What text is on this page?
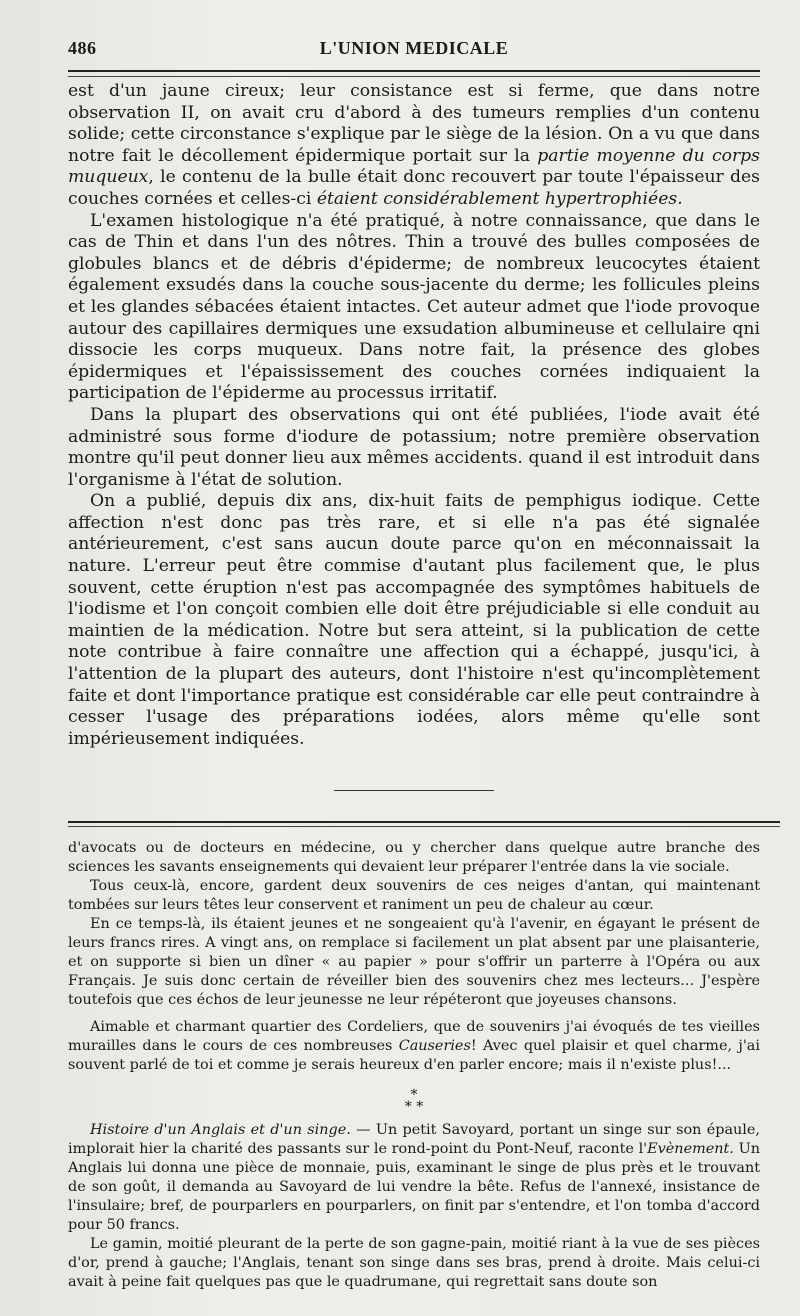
486	L'UNION MEDICALE

est d'un jaune cireux; leur consistance est si ferme, que dans notre observation II, on avait cru d'abord à des tumeurs remplies d'un contenu solide; cette circonstance s'explique par le siège de la lésion. On a vu que dans notre fait le décollement épidermique portait sur la partie moyenne du corps muqueux, le contenu de la bulle était donc recouvert par toute l'épaisseur des couches cornées et celles-ci étaient considérablement hypertrophiées.

L'examen histologique n'a été pratiqué, à notre connaissance, que dans le cas de Thin et dans l'un des nôtres. Thin a trouvé des bulles composées de globules blancs et de débris d'épiderme; de nombreux leucocytes étaient également exsudés dans la couche sous-jacente du derme; les follicules pleins et les glandes sébacées étaient intactes. Cet auteur admet que l'iode provoque autour des capillaires dermiques une exsudation albumineuse et cellulaire qni dissocie les corps muqueux. Dans notre fait, la présence des globes épidermiques et l'épaississement des couches cornées indiquaient la participation de l'épiderme au processus irritatif.

Dans la plupart des observations qui ont été publiées, l'iode avait été administré sous forme d'iodure de potassium; notre première observation montre qu'il peut donner lieu aux mêmes accidents. quand il est introduit dans l'organisme à l'état de solution.

On a publié, depuis dix ans, dix-huit faits de pemphigus iodique. Cette affection n'est donc pas très rare, et si elle n'a pas été signalée antérieurement, c'est sans aucun doute parce qu'on en méconnaissait la nature. L'erreur peut être commise d'autant plus facilement que, le plus souvent, cette éruption n'est pas accompagnée des symptômes habituels de l'iodisme et l'on conçoit combien elle doit être préjudiciable si elle conduit au maintien de la médication. Notre but sera atteint, si la publication de cette note contribue à faire connaître une affection qui a échappé, jusqu'ici, à l'attention de la plupart des auteurs, dont l'histoire n'est qu'incomplètement faite et dont l'importance pratique est considérable car elle peut contraindre à cesser l'usage des préparations iodées, alors même qu'elle sont impérieusement indiquées.

d'avocats ou de docteurs en médecine, ou y chercher dans quelque autre branche des sciences les savants enseignements qui devaient leur préparer l'entrée dans la vie sociale.

Tous ceux-là, encore, gardent deux souvenirs de ces neiges d'antan, qui maintenant tombées sur leurs têtes leur conservent et raniment un peu de chaleur au cœur.

En ce temps-là, ils étaient jeunes et ne songeaient qu'à l'avenir, en égayant le présent de leurs francs rires. A vingt ans, on remplace si facilement un plat absent par une plaisanterie, et on supporte si bien un dîner « au papier » pour s'offrir un parterre à l'Opéra ou aux Français. Je suis donc certain de réveiller bien des souvenirs chez mes lecteurs... J'espère toutefois que ces échos de leur jeunesse ne leur répéteront que joyeuses chansons.

Aimable et charmant quartier des Cordeliers, que de souvenirs j'ai évoqués de tes vieilles murailles dans le cours de ces nombreuses Causeries! Avec quel plaisir et quel charme, j'ai souvent parlé de toi et comme je serais heureux d'en parler encore; mais il n'existe plus!...

*
* *

Histoire d'un Anglais et d'un singe. — Un petit Savoyard, portant un singe sur son épaule, implorait hier la charité des passants sur le rond-point du Pont-Neuf, raconte l'Evènement. Un Anglais lui donna une pièce de monnaie, puis, examinant le singe de plus près et le trouvant de son goût, il demanda au Savoyard de lui vendre la bête. Refus de l'annexé, insistance de l'insulaire; bref, de pourparlers en pourparlers, on finit par s'entendre, et l'on tomba d'accord pour 50 francs.

Le gamin, moitié pleurant de la perte de son gagne-pain, moitié riant à la vue de ses pièces d'or, prend à gauche; l'Anglais, tenant son singe dans ses bras, prend à droite. Mais celui-ci avait à peine fait quelques pas que le quadrumane, qui regrettait sans doute son
